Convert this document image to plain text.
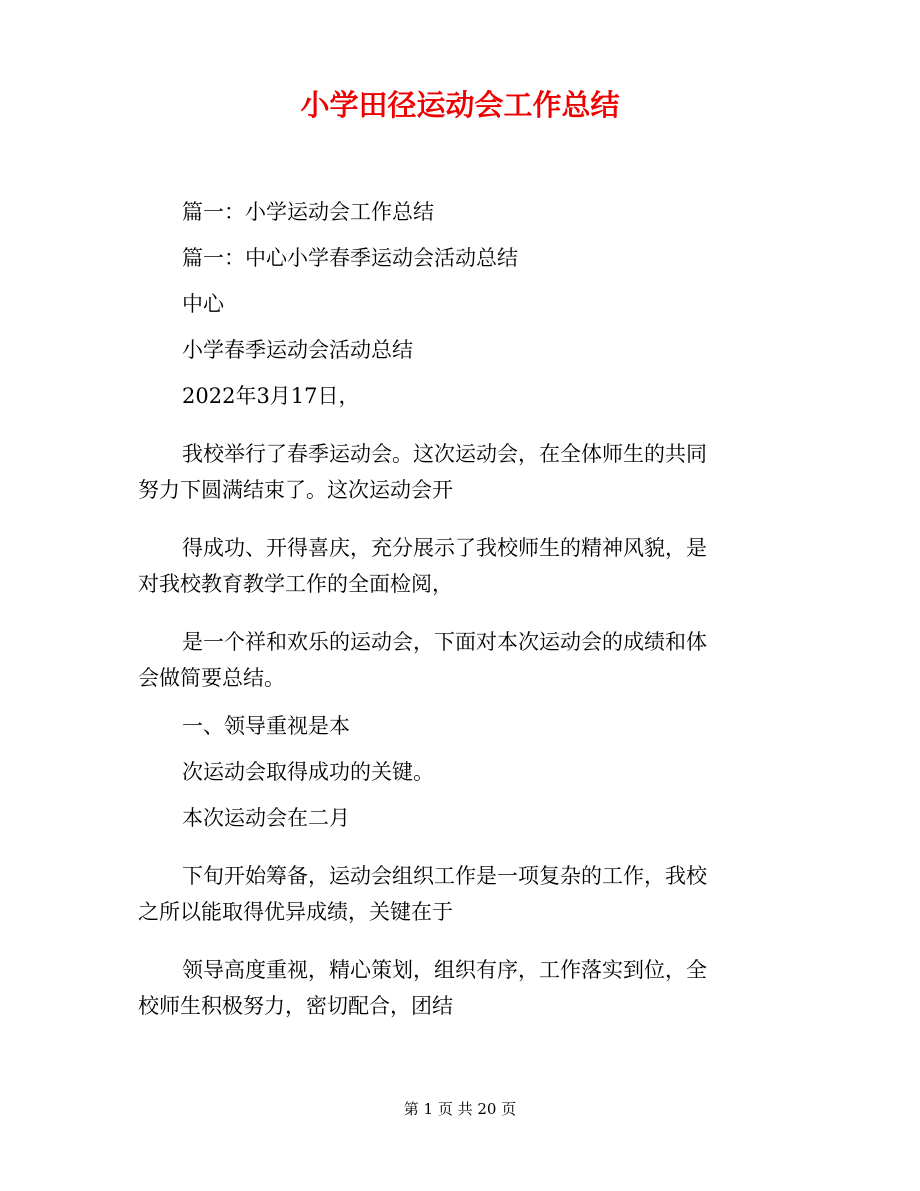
小学田径运动会工作总结

篇一：小学运动会工作总结

篇一：中心小学春季运动会活动总结

中心

小学春季运动会活动总结

2022年3月17日，

我校举行了春季运动会。这次运动会，在全体师生的共同

努力下圆满结束了。这次运动会开

得成功、开得喜庆，充分展示了我校师生的精神风貌，是

对我校教育教学工作的全面检阅，

是一个祥和欢乐的运动会，下面对本次运动会的成绩和体

会做简要总结。

一、领导重视是本

次运动会取得成功的关键。

本次运动会在二月

下旬开始筹备，运动会组织工作是一项复杂的工作，我校

之所以能取得优异成绩，关键在于

领导高度重视，精心策划，组织有序，工作落实到位，全

校师生积极努力，密切配合，团结

第 1 页 共 20 页
